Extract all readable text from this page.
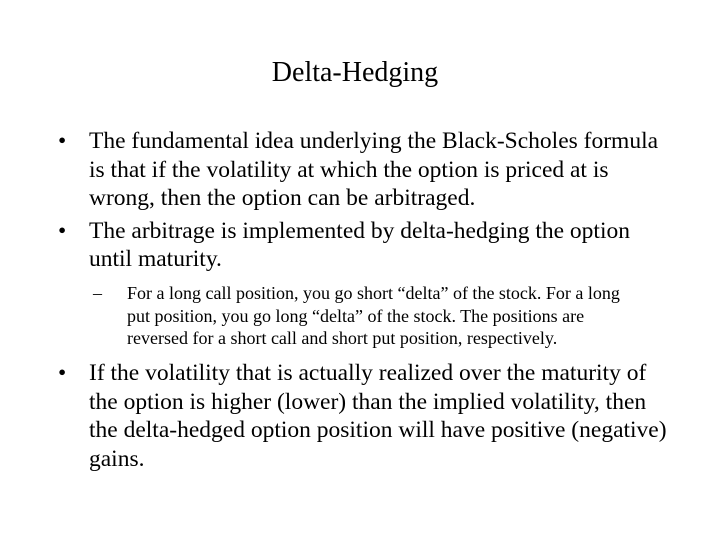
Delta-Hedging
• The fundamental idea underlying the Black-Scholes formula is that if the volatility at which the option is priced at is wrong, then the option can be arbitraged.
• The arbitrage is implemented by delta-hedging the option until maturity.
– For a long call position, you go short “delta” of the stock. For a long put position, you go long “delta” of the stock. The positions are reversed for a short call and short put position, respectively.
• If the volatility that is actually realized over the maturity of the option is higher (lower) than the implied volatility, then the delta-hedged option position will have positive (negative) gains.
